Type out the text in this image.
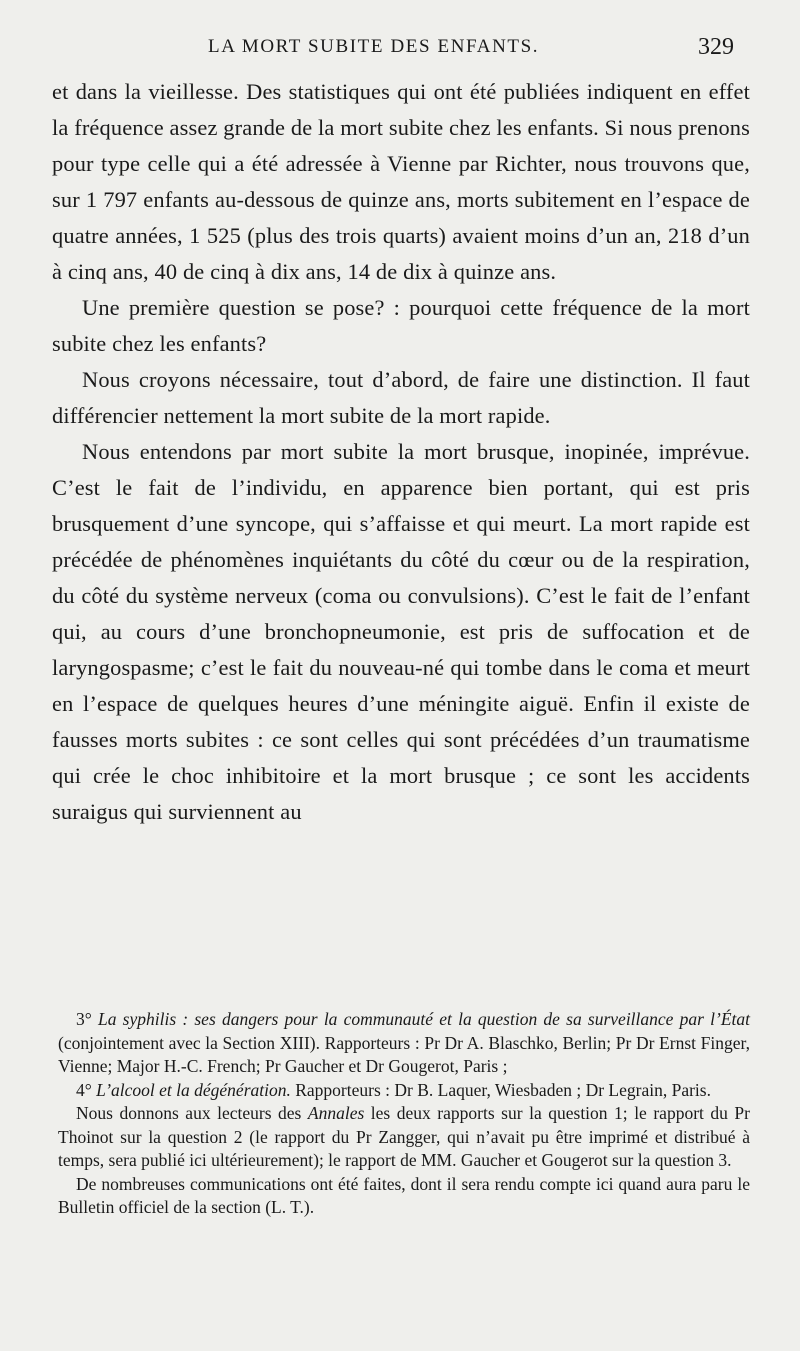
LA MORT SUBITE DES ENFANTS.	329

et dans la vieillesse. Des statistiques qui ont été publiées indiquent en effet la fréquence assez grande de la mort subite chez les enfants. Si nous prenons pour type celle qui a été adressée à Vienne par Richter, nous trouvons que, sur 1 797 enfants au-dessous de quinze ans, morts subitement en l’espace de quatre années, 1 525 (plus des trois quarts) avaient moins d’un an, 218 d’un à cinq ans, 40 de cinq à dix ans, 14 de dix à quinze ans.

Une première question se pose? : pourquoi cette fréquence de la mort subite chez les enfants?

Nous croyons nécessaire, tout d’abord, de faire une distinction. Il faut différencier nettement la mort subite de la mort rapide.

Nous entendons par mort subite la mort brusque, inopinée, imprévue. C’est le fait de l’individu, en apparence bien portant, qui est pris brusquement d’une syncope, qui s’affaisse et qui meurt. La mort rapide est précédée de phénomènes inquiétants du côté du cœur ou de la respiration, du côté du système nerveux (coma ou convulsions). C’est le fait de l’enfant qui, au cours d’une bronchopneumonie, est pris de suffocation et de laryngospasme; c’est le fait du nouveau-né qui tombe dans le coma et meurt en l’espace de quelques heures d’une méningite aiguë. Enfin il existe de fausses morts subites : ce sont celles qui sont précédées d’un traumatisme qui crée le choc inhibitoire et la mort brusque ; ce sont les accidents suraigus qui surviennent au

3° La syphilis : ses dangers pour la communauté et la question de sa surveillance par l’État (conjointement avec la Section XIII). Rapporteurs : Pr Dr A. Blaschko, Berlin; Pr Dr Ernst Finger, Vienne; Major H.-C. French; Pr Gaucher et Dr Gougerot, Paris ;

4° L’alcool et la dégénération. Rapporteurs : Dr B. Laquer, Wiesbaden ; Dr Legrain, Paris.

Nous donnons aux lecteurs des Annales les deux rapports sur la question 1; le rapport du Pr Thoinot sur la question 2 (le rapport du Pr Zangger, qui n’avait pu être imprimé et distribué à temps, sera publié ici ultérieurement); le rapport de MM. Gaucher et Gougerot sur la question 3.

De nombreuses communications ont été faites, dont il sera rendu compte ici quand aura paru le Bulletin officiel de la section (L. T.).
